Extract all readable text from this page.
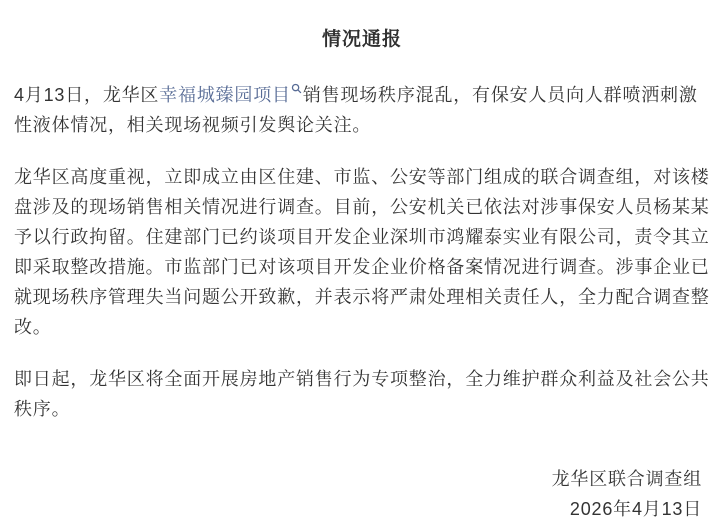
情况通报

4月13日，龙华区幸福城臻园项目 销售现场秩序混乱，有保安人员向人群喷洒刺激性液体情况，相关现场视频引发舆论关注。

龙华区高度重视，立即成立由区住建、市监、公安等部门组成的联合调查组，对该楼盘涉及的现场销售相关情况进行调查。目前，公安机关已依法对涉事保安人员杨某某予以行政拘留。住建部门已约谈项目开发企业深圳市鸿耀泰实业有限公司，责令其立即采取整改措施。市监部门已对该项目开发企业价格备案情况进行调查。涉事企业已就现场秩序管理失当问题公开致歉，并表示将严肃处理相关责任人，全力配合调查整改。

即日起，龙华区将全面开展房地产销售行为专项整治，全力维护群众利益及社会公共秩序。

龙华区联合调查组
2026年4月13日
